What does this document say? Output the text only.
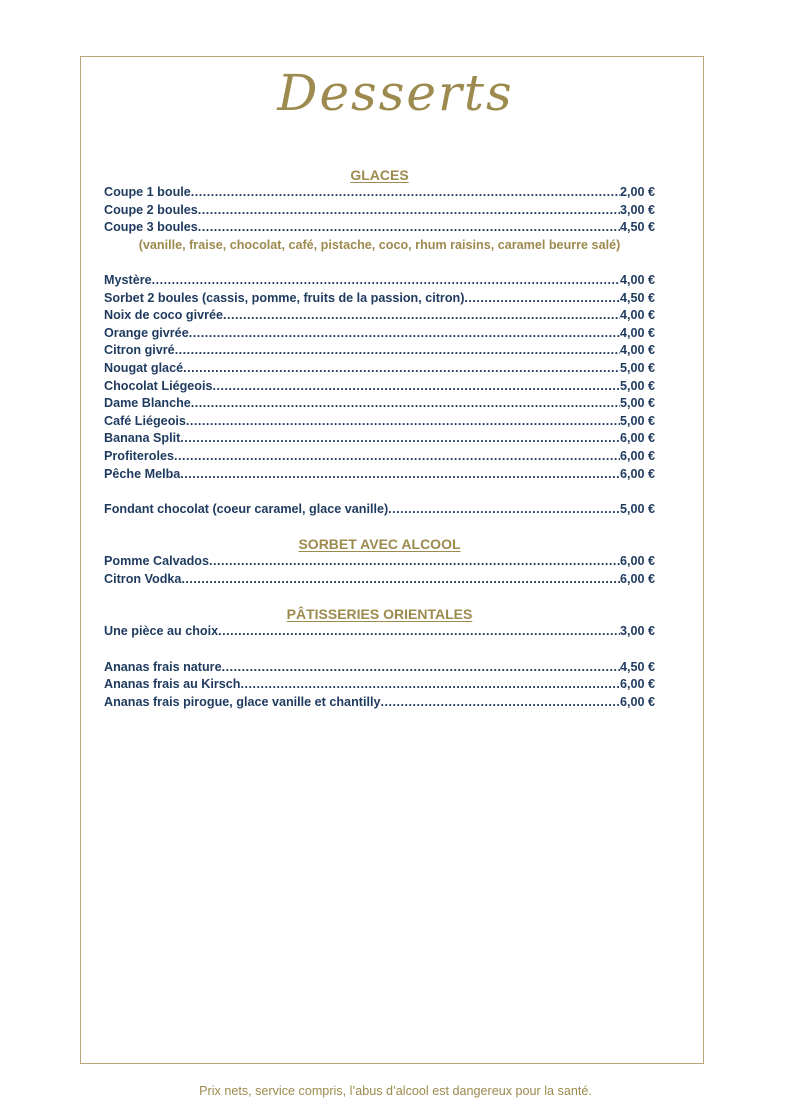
Desserts
GLACES
Coupe 1 boule .....	2,00 €
Coupe 2 boules .....	3,00 €
Coupe 3 boules .....	4,50 €
(vanille, fraise, chocolat, café, pistache, coco, rhum raisins, caramel beurre salé)
Mystère .....	4,00 €
Sorbet 2 boules (cassis, pomme, fruits de la passion, citron) .....	4,50 €
Noix de coco givrée .....	4,00 €
Orange givrée .....	4,00 €
Citron givré .....	4,00 €
Nougat glacé .....	5,00 €
Chocolat Liégeois .....	5,00 €
Dame Blanche .....	5,00 €
Café Liégeois .....	5,00 €
Banana Split .....	6,00 €
Profiteroles .....	6,00 €
Pêche Melba .....	6,00 €
Fondant chocolat (coeur caramel, glace vanille) .....	5,00 €
SORBET AVEC ALCOOL
Pomme Calvados .....	6,00 €
Citron Vodka .....	6,00 €
PÂTISSERIES ORIENTALES
Une pièce au choix .....	3,00 €
Ananas frais nature .....	4,50 €
Ananas frais au Kirsch .....	6,00 €
Ananas frais pirogue, glace vanille et chantilly .....	6,00 €
Prix nets, service compris, l’abus d’alcool est dangereux pour la santé.
